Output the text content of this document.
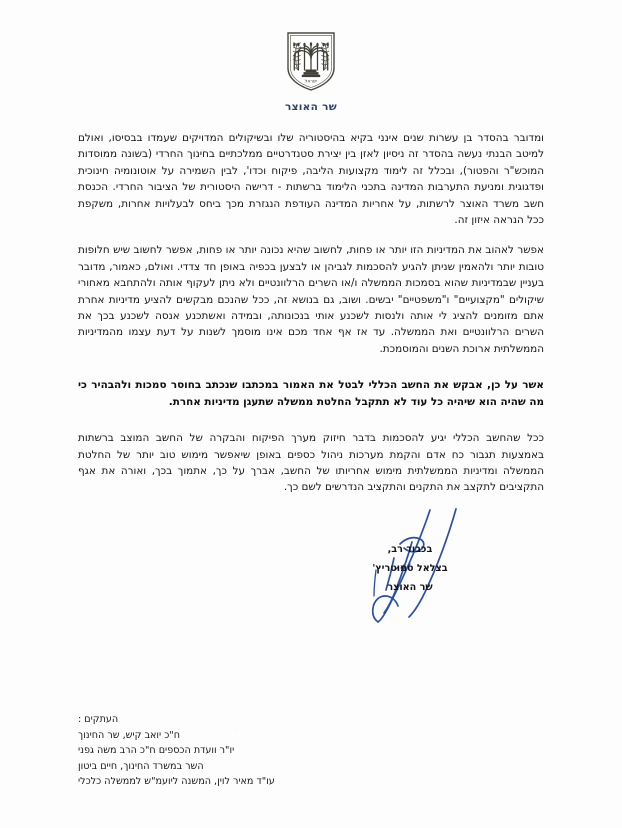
ישראל
שר האוצר

ומדובר בהסדר בן עשרות שנים אינני בקיא בהיסטוריה שלו ובשיקולים המדויקים שעמדו בבסיסו, ואולם למיטב הבנתי נעשה בהסדר זה ניסיון לאזן בין יצירת סטנדרטיים ממלכתיים בחינוך החרדי (בשונה ממוסדות המוכש"ר והפטור), ובכלל זה לימוד מקצועות הליבה, פיקוח וכדו', לבין השמירה על אוטונומיה חינוכית ופדגוגית ומניעת התערבות המדינה בתכני הלימוד ברשתות - דרישה היסטורית של הציבור החרדי. הכנסת חשב משרד האוצר לרשתות, על אחריות המדינה העודפת הנגזרת מכך ביחס לבעלויות אחרות, משקפת ככל הנראה איזון זה.

אפשר לאהוב את המדיניות הזו יותר או פחות, לחשוב שהיא נכונה יותר או פחות, אפשר לחשוב שיש חלופות טובות יותר ולהאמין שניתן להגיע להסכמות לגביהן או לבצען בכפיה באופן חד צדדי. ואולם, כאמור, מדובר בעניין שבמדיניות שהוא בסמכות הממשלה ו/או השרים הרלוונטיים ולא ניתן לעקוף אותה ולהתחבא מאחורי שיקולים "מקצועיים" ו"משפטיים" יבשים. ושוב, גם בנושא זה, ככל שהנכם מבקשים להציע מדיניות אחרת אתם מזומנים להציג לי אותה ולנסות לשכנע אותי בנכונותה, ובמידה ואשתכנע אנסה לשכנע בכך את השרים הרלוונטיים ואת הממשלה. עד אז אף אחד מכם אינו מוסמך לשנות על דעת עצמו מהמדיניות הממשלתית ארוכת השנים והמוסמכת.

אשר על כן, אבקש את החשב הכללי לבטל את האמור במכתבו שנכתב בחוסר סמכות ולהבהיר כי מה שהיה הוא שיהיה כל עוד לא תתקבל החלטת ממשלה שתעגן מדיניות אחרת.

ככל שהחשב הכללי יגיע להסכמות בדבר חיזוק מערך הפיקוח והבקרה של החשב המוצב ברשתות באמצעות תגבור כח אדם והקמת מערכות ניהול כספים באופן שיאפשר מימוש טוב יותר של החלטת הממשלה ומדיניות הממשלתית מימוש אחריותו של החשב, אברך על כך, אתמוך בכך, ואורה את אגף התקציבים לתקצב את התקנים והתקציב הנדרשים לשם כך.

בכבוד רב,
בצלאל סמוטריץ'
שר האוצר
העתקים :
ח"כ יואב קיש, שר החינוך
יו"ר וועדת הכספים ח"כ הרב משה גפני
השר במשרד החינוך, חיים ביטון
עו"ד מאיר לוין, המשנה ליועמ"ש לממשלה כלכלי
